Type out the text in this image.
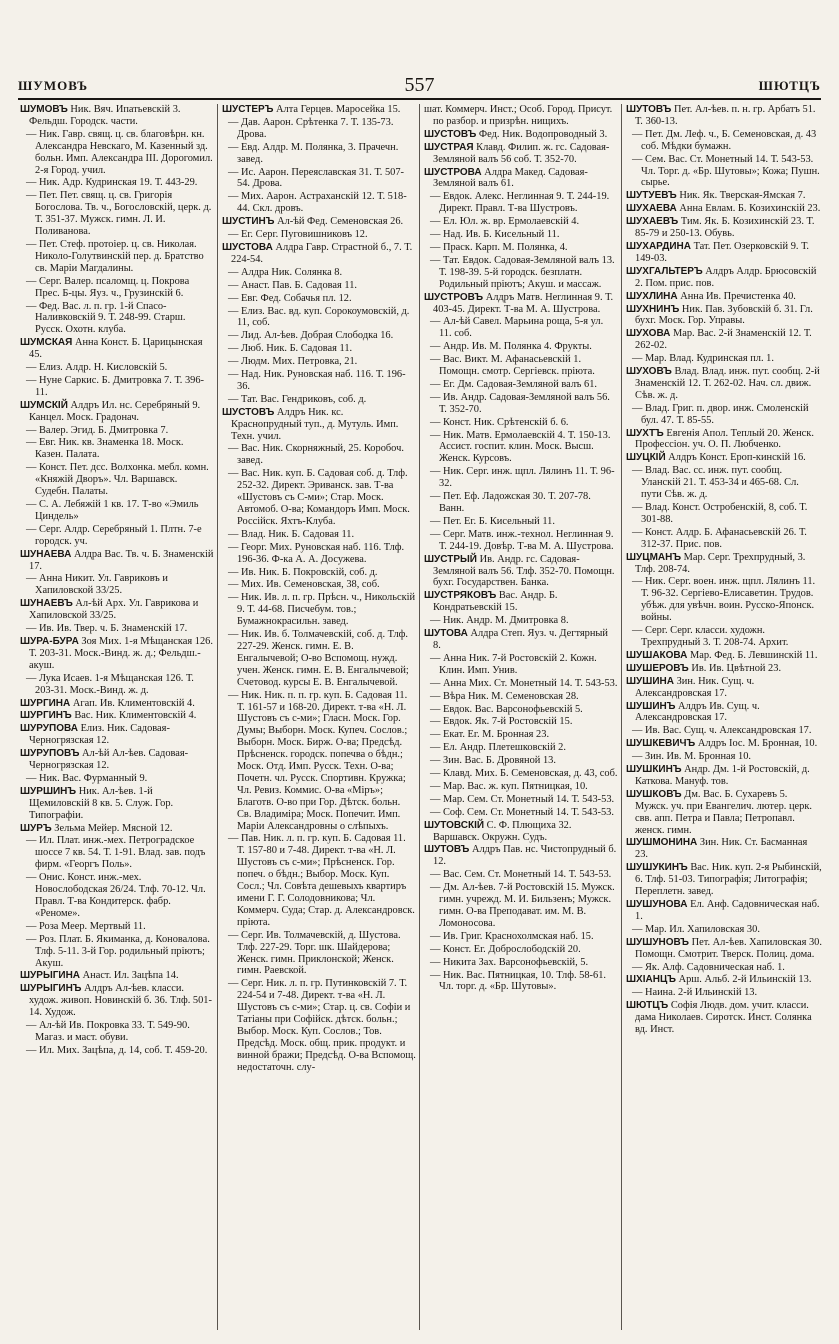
ШУМОВЪ	557	ШЮТЦЪ
ШУМОВЪ Ник. Вяч. Ипатьевскій 3. Фельдш. Городск. части.
— Ник. Гавр. свящ. ц. св. благовѣрн. кн. Александра Невскаго, М. Казенный зд. больн. Имп. Александра III. Дорогомил. 2-я Город. учил.
— Ник. Адр. Кудринская 19. Т. 443-29.
— Пет. Пет. свящ. ц. св. Григорія Богослова. Тв. ч., Богословскій, церк. д. Т. 351-37. Мужск. гимн. Л. И. Поливанова.
— Пет. Стеф. протоіер. ц. св. Николая. Николо-Голутвинскій пер. д. Братство св. Маріи Магдалины.
— Серг. Валер. псаломщ. ц. Покрова Прес. Б-цы. Яуз. ч., Грузинскій 6.
— Фед. Вас. л. п. гр. 1-й Спасо-Наливковскій 9. Т. 248-99. Старш. Русск. Охотн. клуба.
ШУМСКАЯ Анна Конст. Б. Царицынская 45.
— Елиз. Алдр. Н. Кисловскій 5.
— Нуне Саркис. Б. Дмитровка 7. Т. 396-11.
ШУМСКІЙ Алдръ Ил. нс. Серебряный 9. Канцел. Моск. Градонач.
— Валер. Эгид. Б. Дмитровка 7.
— Евг. Ник. кв. Знаменка 18. Моск. Казен. Палата.
— Конст. Пет. дсс. Волхонка. мебл. комн. «Княжій Дворъ». Чл. Варшавск. Судебн. Палаты.
— С. А. Лебяжій 1 кв. 17. Т-во «Эмиль Циндель»
— Серг. Алдр. Серебряный 1. Плтн. 7-е городск. уч.
ШУНАЕВА Алдра Вас. Тв. ч. Б. Знаменскій 17.
— Анна Никит. Ул. Гавриковъ и Хапиловской 33/25.
ШУНАЕВЪ Ал-ѣй Арх. Ул. Гаврикова и Хапиловской 33/25.
— Ив. Ив. Твер. ч. Б. Знаменскій 17.
ШУРА-БУРА Зоя Мих. 1-я Мѣщанская 126. Т. 203-31. Моск.-Винд. ж. д.; Фельдш.-акуш.
— Лука Исаев. 1-я Мѣщанская 126. Т. 203-31. Моск.-Винд. ж. д.
ШУРГИНА Агап. Ив. Климентовскій 4.
ШУРГИНЪ Вас. Ник. Климентовскій 4.
ШУРУПОВА Елиз. Ник. Садовая-Черногрязская 12.
ШУРУПОВЪ Ал-ѣй Ал-ѣев. Садовая-Черногрязская 12.
— Ник. Вас. Фурманный 9.
ШУРШИНЪ Ник. Ал-ѣев. 1-й Щемиловскій 8 кв. 5. Служ. Гор. Типографіи.
ШУРЪ Зельма Мейер. Мясной 12.
— Ил. Плат. инж.-мех. Петроградское шоссе 7 кв. 54. Т. 1-91. Влад. зав. подъ фирм. «Георгъ Поль».
— Онис. Конст. инж.-мех. Новослободская 26/24. Тлф. 70-12. Чл. Правл. Т-ва Кондитерск. фабр. «Реноме».
— Роза Меер. Мертвый 11.
— Роз. Плат. Б. Якиманка, д. Коноваловa. Тлф. 5-11. 3-й Гор. родильный пріютъ; Акуш.
ШУРЫГИНА Анаст. Ил. Зацѣпа 14.
ШУРЫГИНЪ Алдръ Ал-ѣев. класси. худож. живоп. Новинскій б. 36. Тлф. 501-14. Худож.
— Ал-ѣй Ив. Покровка 33. Т. 549-90. Магаз. и маст. обуви.
— Ил. Мих. Зацѣпа, д. 14, соб. Т. 459-20.
ШУСТЕРЪ Алта Герцев. Маросейка 15.
— Дав. Аарон. Срѣтенка 7. Т. 135-73. Дрова.
— Евд. Алдр. М. Полянка, 3. Прачечн. завед.
— Ис. Аарон. Переяславская 31. Т. 507-54. Дрова.
— Мих. Аарон. Астраханскій 12. Т. 518-44. Скл. дровъ.
ШУСТИНЪ Ал-ѣй Фед. Семеновская 26.
— Ег. Серг. Пуговишниковъ 12.
ШУСТОВА Алдра Гавр. Страстной б., 7. Т. 224-54.
— Алдра Ник. Солянка 8.
— Анаст. Пав. Б. Садовая 11.
— Евг. Фед. Собачья пл. 12.
— Елиз. Вас. вд. куп. Сорокоумовскій, д. 11, соб.
— Лид. Ал-ѣев. Добрая Слободка 16.
— Люб. Ник. Б. Садовая 11.
— Людм. Мих. Петровка, 21.
— Над. Ник. Руновская наб. 116. Т. 196-36.
— Тат. Вас. Гендриковъ, соб. д.
ШУСТОВЪ Алдръ Ник. кс. Краснопрудный туп., д. Мутуль. Имп. Техн. учил.
— Вас. Ник. Скорняжный, 25. Коробоч. завед.
— Вас. Ник. куп. Б. Садовая соб. д. Тлф. 252-32. Директ. Эриванск. зав. Т-ва «Шустовъ съ С-ми»; Стар. Моск. Автомоб. О-ва; Командоръ Имп. Моск. Россійск. Яхтъ-Клуба.
— Влад. Ник. Б. Садовая 11.
— Георг. Мих. Руновская наб. 116. Тлф. 196-36. Ф-ка А. А. Досужева.
— Ив. Ник. Б. Покровскій, соб. д.
— Мих. Ив. Семеновская, 38, соб.
— Ник. Ив. л. п. гр. Прѣсн. ч., Никольскій 9. Т. 44-68. Писчебум. тов.; Бумажнокрасильн. завед.
— Ник. Ив. б. Толмачевскій, соб. д. Тлф. 227-29. Женск. гимн. Е. В. Енгалычевой; О-во Вспомощ. нужд. учен. Женск. гимн. Е. В. Енгалычевой; Счетовод. курсы Е. В. Енгалычевой.
— Ник. Ник. п. п. гр. куп. Б. Садовая 11. Т. 161-57 и 168-20. Директ. т-ва «Н. Л. Шустовъ съ с-ми»; Гласн. Моск. Гор. Думы; Выборн. Моск. Купеч. Сослов.; Выборн. Моск. Бирж. О-ва; Предсѣд. Прѣсненск. городск. попечва о бѣдн.; Моск. Отд. Имп. Русск. Техн. О-ва; Почетн. чл. Русск. Спортивн. Кружка; Чл. Ревиз. Коммис. О-ва «Міръ»; Благотв. О-во при Гор. Дѣтск. больн. Св. Владиміра; Моск. Попечит. Имп. Маріи Александровны о слѣпыхъ.
— Пав. Ник. л. п. гр. куп. Б. Садовая 11. Т. 157-80 и 7-48. Директ. т-ва «Н. Л. Шустовъ съ с-ми»; Прѣсненск. Гор. попеч. о бѣдн.; Выбор. Моск. Куп. Сосл.; Чл. Совѣта дешевыхъ квартиръ имени Г. Г. Солодовникова; Чл. Коммерч. Суда; Стар. д. Александровск. пріюта.
— Серг. Ив. Толмачевскій, д. Шустова. Тлф. 227-29. Торг. шк. Шайдерова; Женск. гимн. Приклонской; Женск. гимн. Раевской.
— Серг. Ник. л. п. гр. Путинковскій 7. Т. 224-54 и 7-48. Директ. т-ва «Н. Л. Шустовъ съ с-ми»; Стар. ц. св. Софіи и Татіаны при Софійск. дѣтск. больн.; Выбор. Моск. Куп. Сослов.; Тов. Предсѣд. Моск. общ. прик. продукт. и винной бражи; Предсѣд. О-ва Вспомощ. недостаточн. слу-
шат. Коммерч. Инст.; Особ. Город. Присут. по разбор. и призрѣн. нищихъ.
ШУСТОВЪ Фед. Ник. Водопроводный 3.
ШУСТРАЯ Клавд. Филип. ж. гс. Садовая-Земляной валъ 56 соб. Т. 352-70.
ШУСТРОВА Алдра Макед. Садовая-Земляной валъ 61.
— Евдок. Алекс. Неглинная 9. Т. 244-19. Директ. Правл. Т-ва Шустровъ.
— Ел. Юл. ж. вр. Ермолаевскій 4.
— Над. Ив. Б. Кисельный 11.
— Праск. Карп. М. Полянка, 4.
— Тат. Евдок. Садовая-Земляной валъ 13. Т. 198-39. 5-й городск. безплатн. Родильный пріютъ; Акуш. и массаж.
ШУСТРОВЪ Алдръ Матв. Неглинная 9. Т. 403-45. Директ. Т-ва М. А. Шустрова.
— Ал-ѣй Савел. Марьина роща, 5-я ул. 11. соб.
— Андр. Ив. М. Полянка 4. Фрукты.
— Вас. Викт. М. Афанасьевскій 1. Помощн. смотр. Сергіевск. пріюта.
— Ег. Дм. Садовая-Земляной валъ 61.
— Ив. Андр. Садовая-Земляной валъ 56. Т. 352-70.
— Конст. Ник. Срѣтенскій б. 6.
— Ник. Матв. Ермолаевскій 4. Т. 150-13. Ассист. госпит. клин. Моск. Высш. Женск. Курсовъ.
— Ник. Серг. инж. щпл. Лялинъ 11. Т. 96-32.
— Пет. Еф. Ладожская 30. Т. 207-78. Ванн.
— Пет. Ег. Б. Кисельный 11.
— Серг. Матв. инж.-технол. Неглинная 9. Т. 244-19. Довѣр. Т-ва М. А. Шустрова.
ШУСТРЫЙ Ив. Андр. гс. Садовая-Земляной валъ 56. Тлф. 352-70. Помощн. бухг. Государствен. Банка.
ШУСТРЯКОВЪ Вас. Андр. Б. Кондратьевскій 15.
— Ник. Андр. М. Дмитровка 8.
ШУТОВА Алдра Степ. Яуз. ч. Дегтярный 8.
— Анна Ник. 7-й Ростовскій 2. Кожн. Клин. Имп. Унив.
— Анна Мих. Ст. Монетный 14. Т. 543-53.
— Вѣра Ник. М. Семеновская 28.
— Евдок. Вас. Варсонофьевскій 5.
— Евдок. Як. 7-й Ростовскій 15.
— Екат. Ег. М. Бронная 23.
— Ел. Андр. Плетешковскій 2.
— Зин. Вас. Б. Дровяной 13.
— Клавд. Мих. Б. Семеновская, д. 43, соб.
— Мар. Вас. ж. куп. Пятницкая, 10.
— Мар. Сем. Ст. Монетный 14. Т. 543-53.
— Соф. Сем. Ст. Монетный 14. Т. 543-53.
ШУТОВСКІЙ С. Ф. Плющиха 32. Варшавск. Окружн. Судъ.
ШУТОВЪ Алдръ Пав. нс. Чистопрудный б. 12.
— Вас. Сем. Ст. Монетный 14. Т. 543-53.
— Дм. Ал-ѣев. 7-й Ростовскій 15. Мужск. гимн. учрежд. М. И. Бильзенъ; Мужск. гимн. О-ва Преподават. им. М. В. Ломоносова.
— Ив. Григ. Краснохолмская наб. 15.
— Конст. Ег. Доброслободскій 20.
— Никита Зах. Варсонофьевскій, 5.
— Ник. Вас. Пятницкая, 10. Тлф. 58-61. Чл. торг. д. «Бр. Шутовы».
ШУТОВЪ Пет. Ал-ѣев. п. н. гр. Арбатъ 51. Т. 360-13.
— Пет. Дм. Леф. ч., Б. Семеновская, д. 43 соб. Мѣдки бумажн.
— Сем. Вас. Ст. Монетный 14. Т. 543-53. Чл. Торг. д. «Бр. Шутовы»; Кожа; Пушн. сырье.
ШУТУЕВЪ Ник. Як. Тверская-Ямская 7.
ШУХАЕВА Анна Евлам. Б. Козихинскій 23.
ШУХАЕВЪ Тим. Як. Б. Козихинскій 23. Т. 85-79 и 250-13. Обувь.
ШУХАРДИНА Тат. Пет. Озерковскій 9. Т. 149-03.
ШУХГАЛЬТЕРЪ Алдръ Алдр. Брюсовскій 2. Пом. прис. пов.
ШУХЛИНА Анна Ив. Пречистенка 40.
ШУХНИНЪ Ник. Пав. Зубовскій б. 31. Гл. бухг. Моск. Гор. Управы.
ШУХОВА Мар. Вас. 2-й Знаменскій 12. Т. 262-02.
— Мар. Влад. Кудринская пл. 1.
ШУХОВЪ Влад. Влад. инж. пут. сообщ. 2-й Знаменскій 12. Т. 262-02. Нач. сл. движ. Сѣв. ж. д.
— Влад. Григ. п. двор. инж. Смоленскій бул. 47. Т. 85-55.
ШУХТЪ Евгенія Апол. Теплый 20. Женск. Профессіон. уч. О. П. Любченко.
ШУЦКІЙ Алдръ Конст. Ероп-кинскій 16.
— Влад. Вас. сс. инж. пут. сообщ. Уланскій 21. Т. 453-34 и 465-68. Сл. пути Сѣв. ж. д.
— Влад. Конст. Остробенскій, 8, соб. Т. 301-88.
— Конст. Алдр. Б. Афанасьевскій 26. Т. 312-37. Прис. пов.
ШУЦМАНЪ Мар. Серг. Трехпрудный, 3. Тлф. 208-74.
— Ник. Серг. воен. инж. щпл. Лялинъ 11. Т. 96-32. Сергіево-Елисаветин. Трудов. убѣж. для увѣчн. воин. Русско-Японск. войны.
— Серг. Серг. класси. художн. Трехпрудный 3. Т. 208-74. Архит.
ШУШАКОВА Мар. Фед. Б. Левшинскій 11.
ШУШЕРОВЪ Ив. Ив. Цвѣтной 23.
ШУШИНА Зин. Ник. Сущ. ч. Александровская 17.
ШУШИНЪ Алдръ Ив. Сущ. ч. Александровская 17.
— Ив. Вас. Сущ. ч. Александровская 17.
ШУШКЕВИЧЪ Алдръ Іос. М. Бронная, 10.
— Зин. Ив. М. Бронная 10.
ШУШКИНЪ Андр. Дм. 1-й Ростовскій, д. Каткова. Мануф. тов.
ШУШКОВЪ Дм. Вас. Б. Сухаревъ 5. Мужск. уч. при Евангелич. лютер. церк. свв. апп. Петра и Павла; Петропавл. женск. гимн.
ШУШМОНИНА Зин. Ник. Ст. Басманная 23.
ШУШУКИНЪ Вас. Ник. куп. 2-я Рыбинскій, 6. Тлф. 51-03. Типографія; Литографія; Переплетн. завед.
ШУШУНОВА Ел. Анф. Садовническая наб. 1.
— Мар. Ил. Хапиловская 30.
ШУШУНОВЪ Пет. Ал-ѣев. Хапиловская 30. Помощн. Смотрит. Тверск. Полиц. дома.
— Як. Алф. Садовническая наб. 1.
ШХІАНЦЪ Арш. Альб. 2-й Ильинскій 13.
— Наина. 2-й Ильинскій 13.
ШЮТЦЪ Софія Людв. дом. учит. класси. дама Николаев. Сиротск. Инст. Солянка вд. Инст.
